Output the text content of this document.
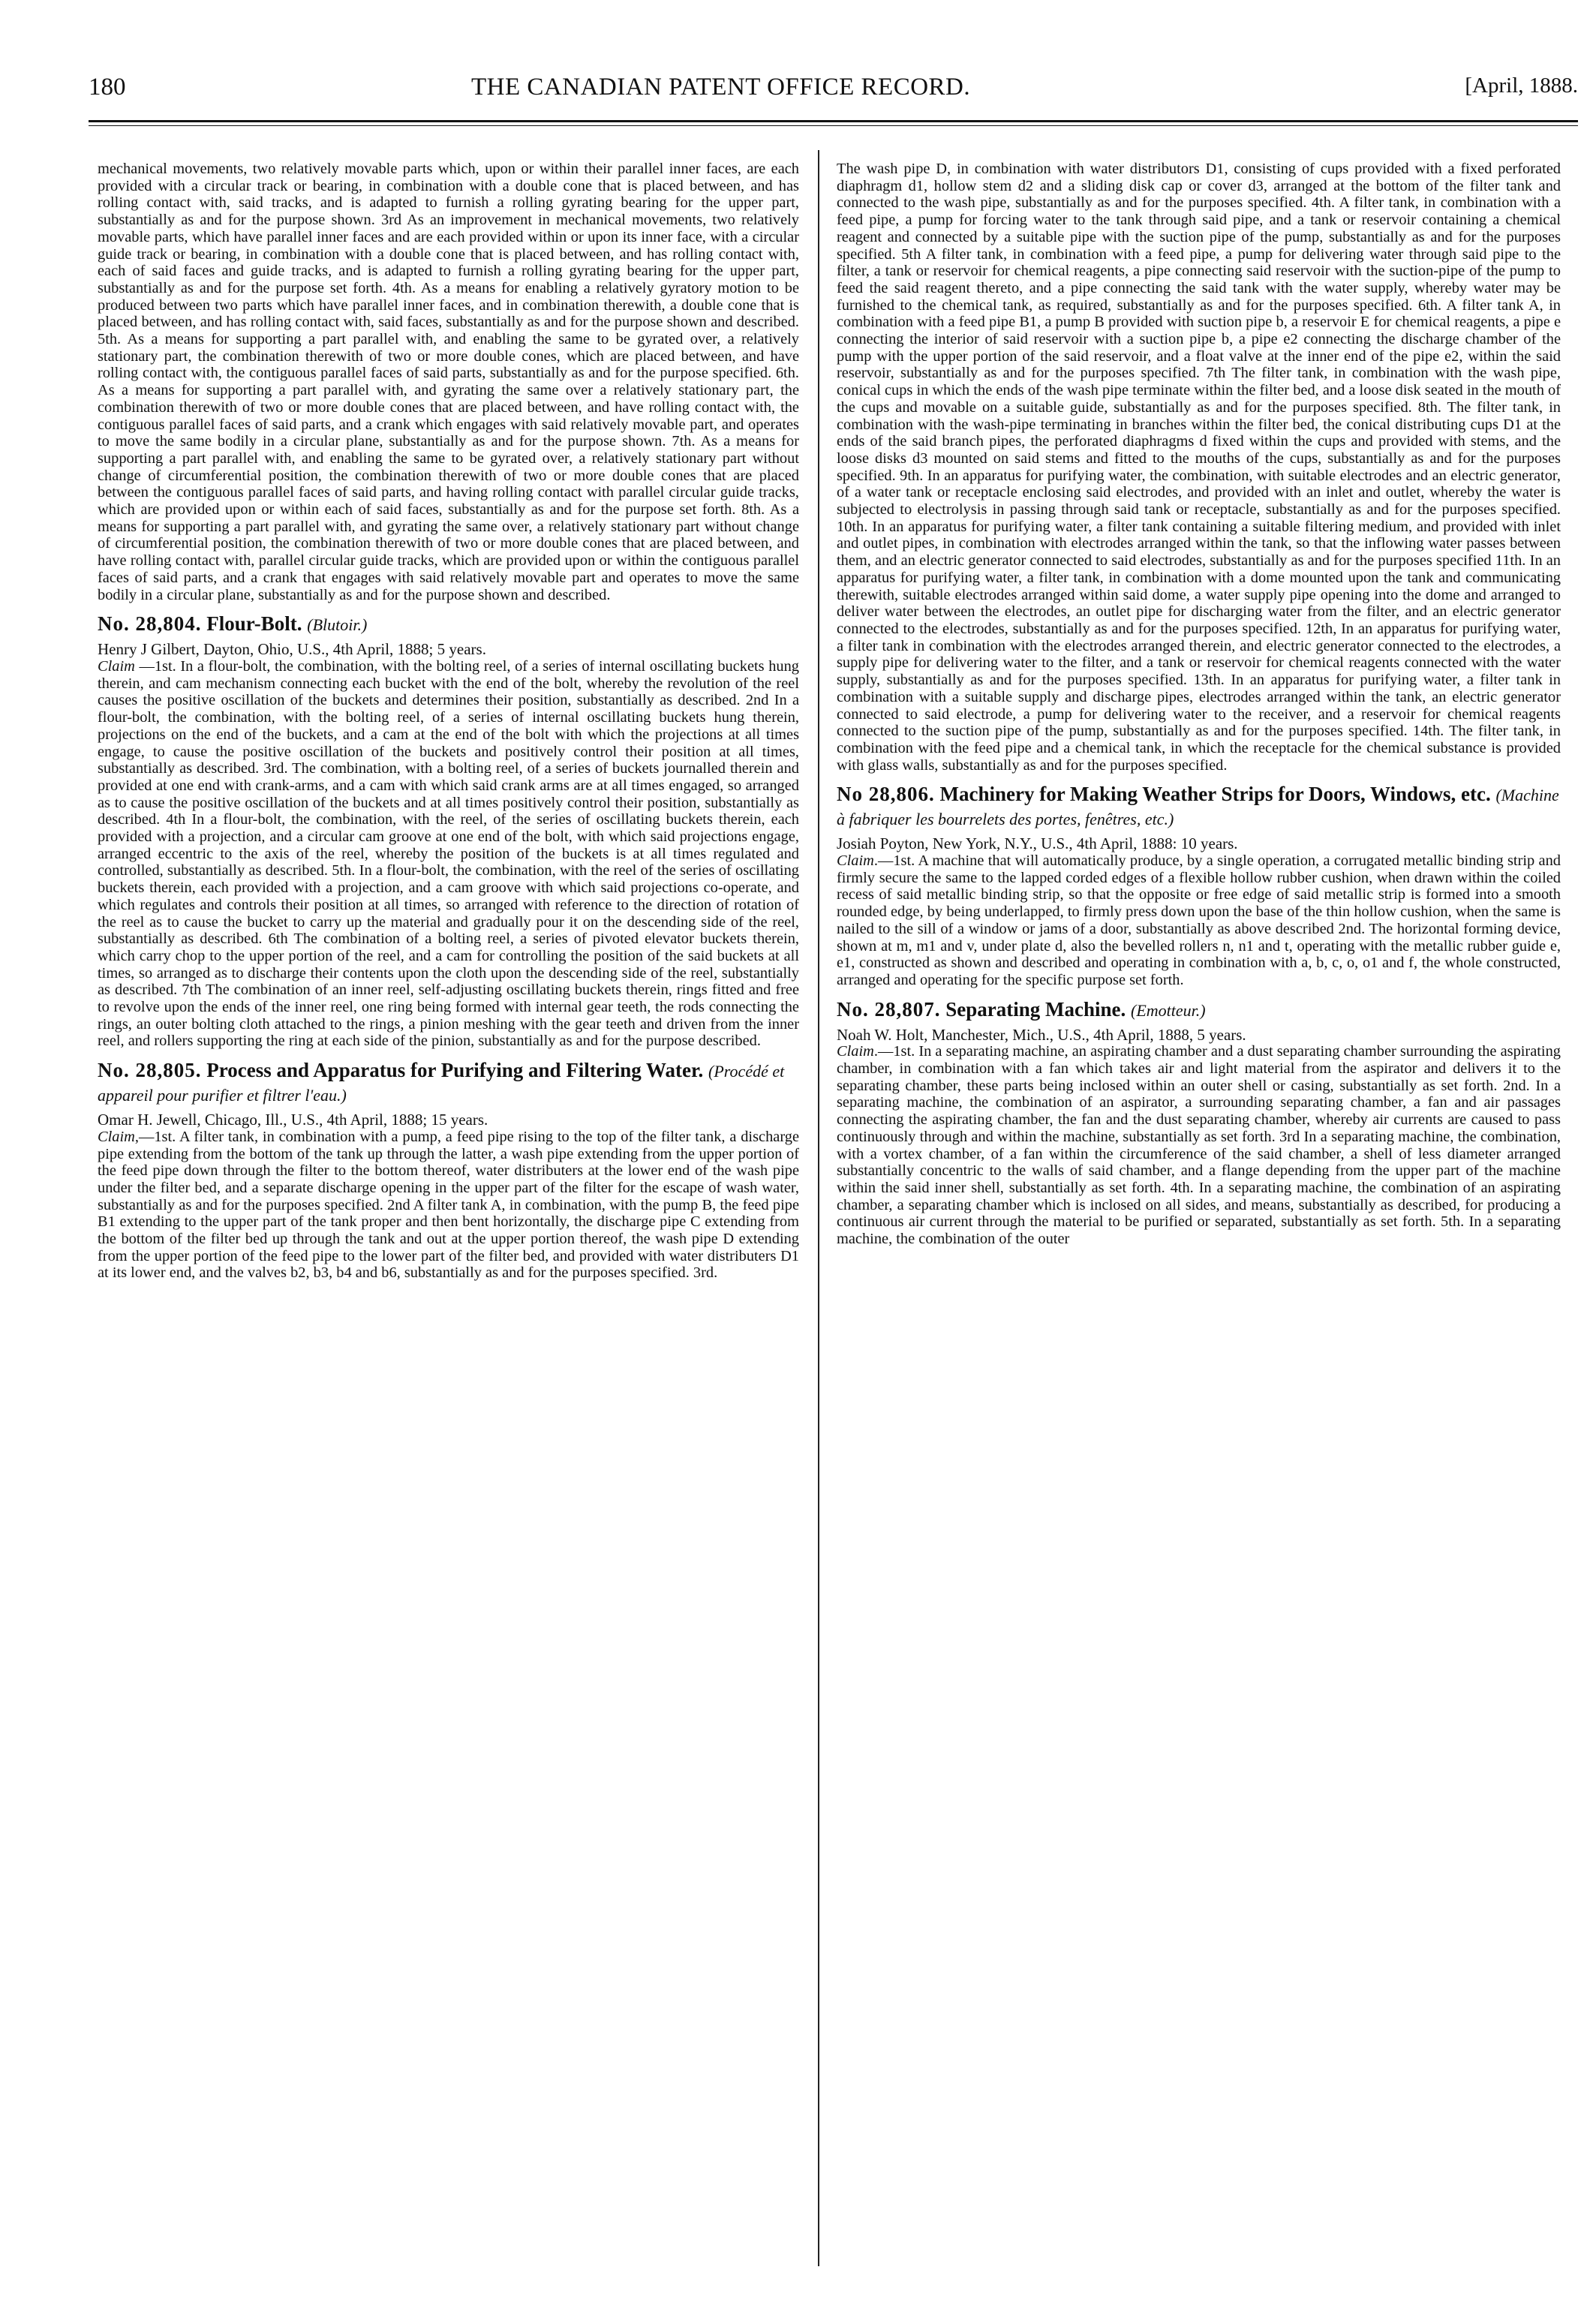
180	THE CANADIAN PATENT OFFICE RECORD.	[April, 1888.

mechanical movements, two relatively movable parts which, upon or within their parallel inner faces, are each provided with a circular track or bearing, in combination with a double cone that is placed between, and has rolling contact with, said tracks, and is adapted to furnish a rolling gyrating bearing for the upper part, substantially as and for the purpose shown. 3rd As an improvement in mechanical movements, two relatively movable parts, which have parallel inner faces and are each provided within or upon its inner face, with a circular guide track or bearing, in combination with a double cone that is placed between, and has rolling contact with, each of said faces and guide tracks, and is adapted to furnish a rolling gyrating bearing for the upper part, substantially as and for the purpose set forth. 4th. As a means for enabling a relatively gyratory motion to be produced between two parts which have parallel inner faces, and in combination therewith, a double cone that is placed between, and has rolling contact with, said faces, substantially as and for the purpose shown and described. 5th. As a means for supporting a part parallel with, and enabling the same to be gyrated over, a relatively stationary part, the combination therewith of two or more double cones, which are placed between, and have rolling contact with, the contiguous parallel faces of said parts, substantially as and for the purpose specified. 6th. As a means for supporting a part parallel with, and gyrating the same over a relatively stationary part, the combination therewith of two or more double cones that are placed between, and have rolling contact with, the contiguous parallel faces of said parts, and a crank which engages with said relatively movable part, and operates to move the same bodily in a circular plane, substantially as and for the purpose shown. 7th. As a means for supporting a part parallel with, and enabling the same to be gyrated over, a relatively stationary part without change of circumferential position, the combination therewith of two or more double cones that are placed between the contiguous parallel faces of said parts, and having rolling contact with parallel circular guide tracks, which are provided upon or within each of said faces, substantially as and for the purpose set forth. 8th. As a means for supporting a part parallel with, and gyrating the same over, a relatively stationary part without change of circumferential position, the combination therewith of two or more double cones that are placed between, and have rolling contact with, parallel circular guide tracks, which are provided upon or within the contiguous parallel faces of said parts, and a crank that engages with said relatively movable part and operates to move the same bodily in a circular plane, substantially as and for the purpose shown and described.

No. 28,804. Flour-Bolt. (Blutoir.)

Henry J Gilbert, Dayton, Ohio, U.S., 4th April, 1888; 5 years.

Claim —1st. In a flour-bolt, the combination, with the bolting reel, of a series of internal oscillating buckets hung therein, and cam mechanism connecting each bucket with the end of the bolt, whereby the revolution of the reel causes the positive oscillation of the buckets and determines their position, substantially as described. 2nd In a flour-bolt, the combination, with the bolting reel, of a series of internal oscillating buckets hung therein, projections on the end of the buckets, and a cam at the end of the bolt with which the projections at all times engage, to cause the positive oscillation of the buckets and positively control their position at all times, substantially as described. 3rd. The combination, with a bolting reel, of a series of buckets journalled therein and provided at one end with crank-arms, and a cam with which said crank arms are at all times engaged, so arranged as to cause the positive oscillation of the buckets and at all times positively control their position, substantially as described. 4th In a flour-bolt, the combination, with the reel, of the series of oscillating buckets therein, each provided with a projection, and a circular cam groove at one end of the bolt, with which said projections engage, arranged eccentric to the axis of the reel, whereby the position of the buckets is at all times regulated and controlled, substantially as described. 5th. In a flour-bolt, the combination, with the reel of the series of oscillating buckets therein, each provided with a projection, and a cam groove with which said projections co-operate, and which regulates and controls their position at all times, so arranged with reference to the direction of rotation of the reel as to cause the bucket to carry up the material and gradually pour it on the descending side of the reel, substantially as described. 6th The combination of a bolting reel, a series of pivoted elevator buckets therein, which carry chop to the upper portion of the reel, and a cam for controlling the position of the said buckets at all times, so arranged as to discharge their contents upon the cloth upon the descending side of the reel, substantially as described. 7th The combination of an inner reel, self-adjusting oscillating buckets therein, rings fitted and free to revolve upon the ends of the inner reel, one ring being formed with internal gear teeth, the rods connecting the rings, an outer bolting cloth attached to the rings, a pinion meshing with the gear teeth and driven from the inner reel, and rollers supporting the ring at each side of the pinion, substantially as and for the purpose described.

No. 28,805. Process and Apparatus for Purifying and Filtering Water. (Procédé et appareil pour purifier et filtrer l'eau.)

Omar H. Jewell, Chicago, Ill., U.S., 4th April, 1888; 15 years.

Claim,—1st. A filter tank, in combination with a pump, a feed pipe rising to the top of the filter tank, a discharge pipe extending from the bottom of the tank up through the latter, a wash pipe extending from the upper portion of the feed pipe down through the filter to the bottom thereof, water distributers at the lower end of the wash pipe under the filter bed, and a separate discharge opening in the upper part of the filter for the escape of wash water, substantially as and for the purposes specified. 2nd A filter tank A, in combination, with the pump B, the feed pipe B1 extending to the upper part of the tank proper and then bent horizontally, the discharge pipe C extending from the bottom of the filter bed up through the tank and out at the upper portion thereof, the wash pipe D extending from the upper portion of the feed pipe to the lower part of the filter bed, and provided with water distributers D1 at its lower end, and the valves b2, b3, b4 and b6, substantially as and for the purposes specified. 3rd.

The wash pipe D, in combination with water distributors D1, consisting of cups provided with a fixed perforated diaphragm d1, hollow stem d2 and a sliding disk cap or cover d3, arranged at the bottom of the filter tank and connected to the wash pipe, substantially as and for the purposes specified. 4th. A filter tank, in combination with a feed pipe, a pump for forcing water to the tank through said pipe, and a tank or reservoir containing a chemical reagent and connected by a suitable pipe with the suction pipe of the pump, substantially as and for the purposes specified. 5th A filter tank, in combination with a feed pipe, a pump for delivering water through said pipe to the filter, a tank or reservoir for chemical reagents, a pipe connecting said reservoir with the suction-pipe of the pump to feed the said reagent thereto, and a pipe connecting the said tank with the water supply, whereby water may be furnished to the chemical tank, as required, substantially as and for the purposes specified. 6th. A filter tank A, in combination with a feed pipe B1, a pump B provided with suction pipe b, a reservoir E for chemical reagents, a pipe e connecting the interior of said reservoir with a suction pipe b, a pipe e2 connecting the discharge chamber of the pump with the upper portion of the said reservoir, and a float valve at the inner end of the pipe e2, within the said reservoir, substantially as and for the purposes specified. 7th The filter tank, in combination with the wash pipe, conical cups in which the ends of the wash pipe terminate within the filter bed, and a loose disk seated in the mouth of the cups and movable on a suitable guide, substantially as and for the purposes specified. 8th. The filter tank, in combination with the wash-pipe terminating in branches within the filter bed, the conical distributing cups D1 at the ends of the said branch pipes, the perforated diaphragms d fixed within the cups and provided with stems, and the loose disks d3 mounted on said stems and fitted to the mouths of the cups, substantially as and for the purposes specified. 9th. In an apparatus for purifying water, the combination, with suitable electrodes and an electric generator, of a water tank or receptacle enclosing said electrodes, and provided with an inlet and outlet, whereby the water is subjected to electrolysis in passing through said tank or receptacle, substantially as and for the purposes specified. 10th. In an apparatus for purifying water, a filter tank containing a suitable filtering medium, and provided with inlet and outlet pipes, in combination with electrodes arranged within the tank, so that the inflowing water passes between them, and an electric generator connected to said electrodes, substantially as and for the purposes specified 11th. In an apparatus for purifying water, a filter tank, in combination with a dome mounted upon the tank and communicating therewith, suitable electrodes arranged within said dome, a water supply pipe opening into the dome and arranged to deliver water between the electrodes, an outlet pipe for discharging water from the filter, and an electric generator connected to the electrodes, substantially as and for the purposes specified. 12th, In an apparatus for purifying water, a filter tank in combination with the electrodes arranged therein, and electric generator connected to the electrodes, a supply pipe for delivering water to the filter, and a tank or reservoir for chemical reagents connected with the water supply, substantially as and for the purposes specified. 13th. In an apparatus for purifying water, a filter tank in combination with a suitable supply and discharge pipes, electrodes arranged within the tank, an electric generator connected to said electrode, a pump for delivering water to the receiver, and a reservoir for chemical reagents connected to the suction pipe of the pump, substantially as and for the purposes specified. 14th. The filter tank, in combination with the feed pipe and a chemical tank, in which the receptacle for the chemical substance is provided with glass walls, substantially as and for the purposes specified.

No 28,806. Machinery for Making Weather Strips for Doors, Windows, etc. (Machine à fabriquer les bourrelets des portes, fenêtres, etc.)

Josiah Poyton, New York, N.Y., U.S., 4th April, 1888: 10 years.

Claim.—1st. A machine that will automatically produce, by a single operation, a corrugated metallic binding strip and firmly secure the same to the lapped corded edges of a flexible hollow rubber cushion, when drawn within the coiled recess of said metallic binding strip, so that the opposite or free edge of said metallic strip is formed into a smooth rounded edge, by being underlapped, to firmly press down upon the base of the thin hollow cushion, when the same is nailed to the sill of a window or jams of a door, substantially as above described 2nd. The horizontal forming device, shown at m, m1 and v, under plate d, also the bevelled rollers n, n1 and t, operating with the metallic rubber guide e, e1, constructed as shown and described and operating in combination with a, b, c, o, o1 and f, the whole constructed, arranged and operating for the specific purpose set forth.

No. 28,807. Separating Machine. (Emotteur.)

Noah W. Holt, Manchester, Mich., U.S., 4th April, 1888, 5 years.

Claim.—1st. In a separating machine, an aspirating chamber and a dust separating chamber surrounding the aspirating chamber, in combination with a fan which takes air and light material from the aspirator and delivers it to the separating chamber, these parts being inclosed within an outer shell or casing, substantially as set forth. 2nd. In a separating machine, the combination of an aspirator, a surrounding separating chamber, a fan and air passages connecting the aspirating chamber, the fan and the dust separating chamber, whereby air currents are caused to pass continuously through and within the machine, substantially as set forth. 3rd In a separating machine, the combination, with a vortex chamber, of a fan within the circumference of the said chamber, a shell of less diameter arranged substantially concentric to the walls of said chamber, and a flange depending from the upper part of the machine within the said inner shell, substantially as set forth. 4th. In a separating machine, the combination of an aspirating chamber, a separating chamber which is inclosed on all sides, and means, substantially as described, for producing a continuous air current through the material to be purified or separated, substantially as set forth. 5th. In a separating machine, the combination of the outer
